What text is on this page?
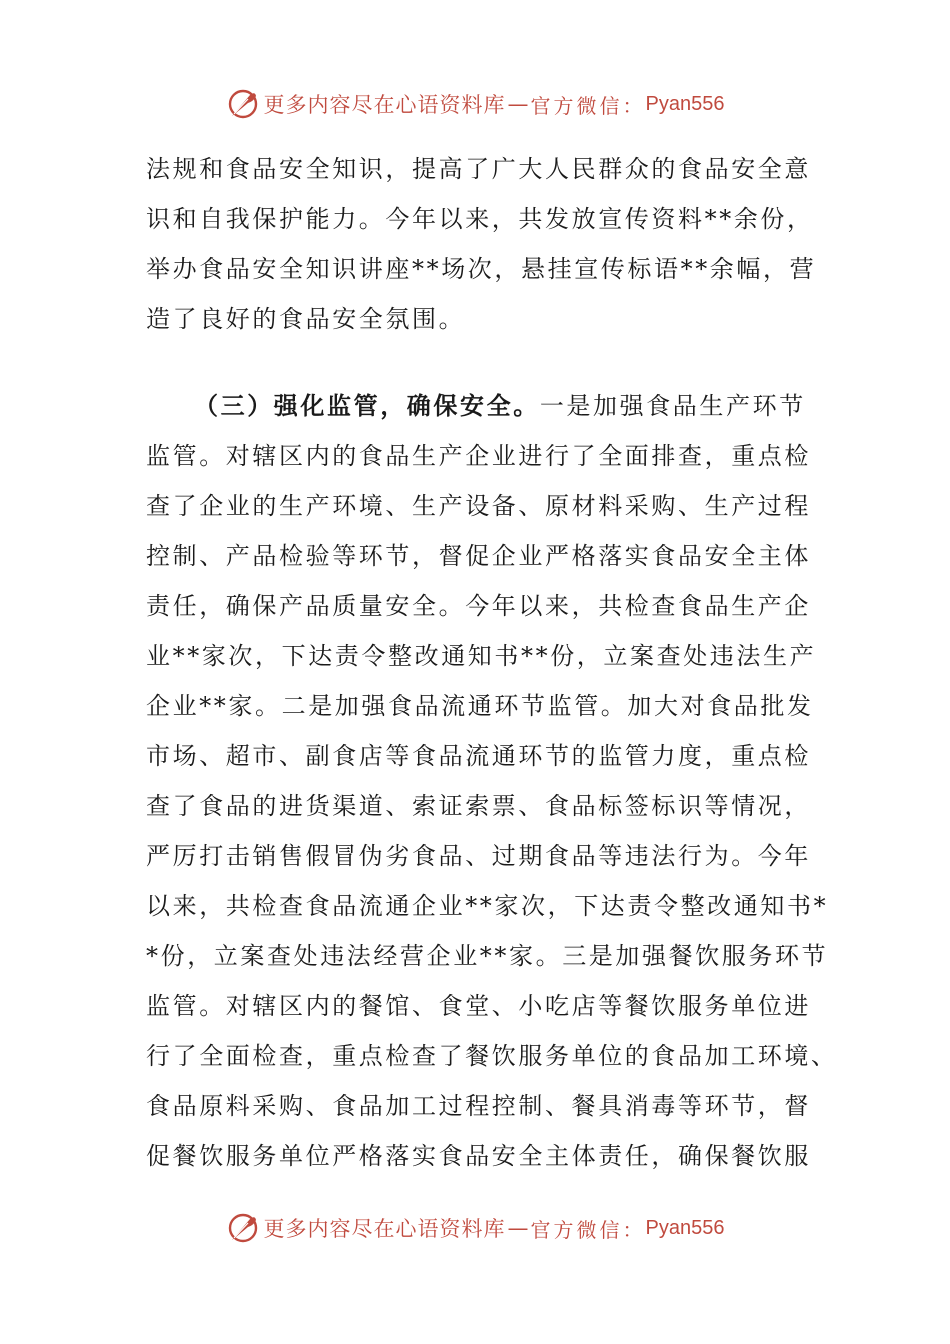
更多内容尽在心语资料库 — 官方微信： Pyan556
法规和食品安全知识，提高了广大人民群众的食品安全意
识和自我保护能力。今年以来，共发放宣传资料**余份，
举办食品安全知识讲座**场次，悬挂宣传标语**余幅，营
造了良好的食品安全氛围。
（三）强化监管，确保安全。一是加强食品生产环节
监管。对辖区内的食品生产企业进行了全面排查，重点检
查了企业的生产环境、生产设备、原材料采购、生产过程
控制、产品检验等环节，督促企业严格落实食品安全主体
责任，确保产品质量安全。今年以来，共检查食品生产企
业**家次，下达责令整改通知书**份，立案查处违法生产
企业**家。二是加强食品流通环节监管。加大对食品批发
市场、超市、副食店等食品流通环节的监管力度，重点检
查了食品的进货渠道、索证索票、食品标签标识等情况，
严厉打击销售假冒伪劣食品、过期食品等违法行为。今年
以来，共检查食品流通企业**家次，下达责令整改通知书*
*份，立案查处违法经营企业**家。三是加强餐饮服务环节
监管。对辖区内的餐馆、食堂、小吃店等餐饮服务单位进
行了全面检查，重点检查了餐饮服务单位的食品加工环境、
食品原料采购、食品加工过程控制、餐具消毒等环节，督
促餐饮服务单位严格落实食品安全主体责任，确保餐饮服
更多内容尽在心语资料库 — 官方微信： Pyan556
